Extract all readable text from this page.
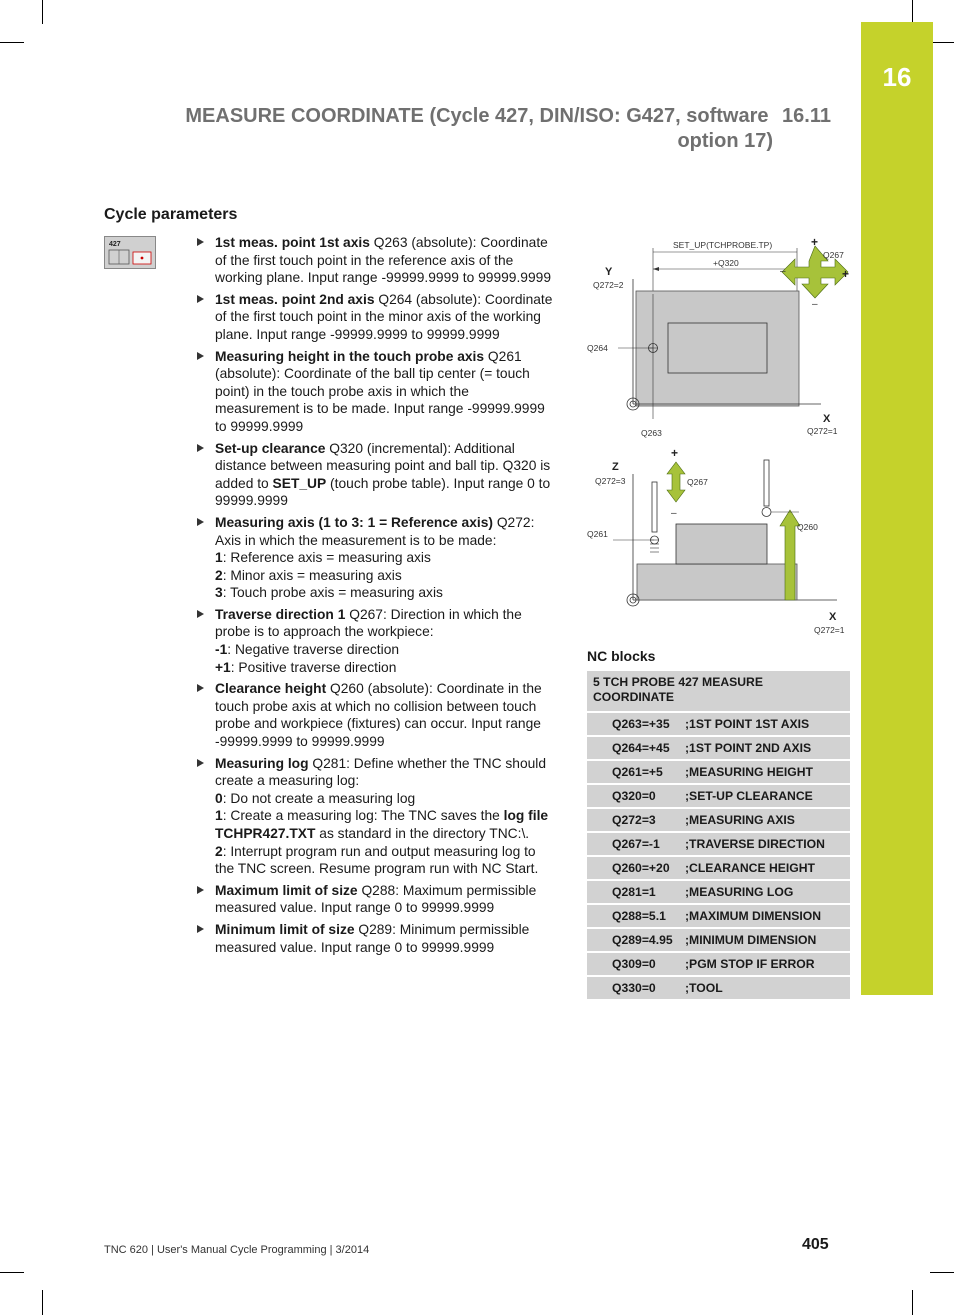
16
MEASURE COORDINATE (Cycle 427, DIN/ISO: G427, software 16.11
option 17)
Cycle parameters
427	1st meas. point 1st axis Q263 (absolute): Coordinate of the first touch point in the reference axis of the working plane. Input range -99999.9999 to 99999.9999
1st meas. point 2nd axis Q264 (absolute): Coordinate of the first touch point in the minor axis of the working plane. Input range -99999.9999 to 99999.9999
Measuring height in the touch probe axis Q261 (absolute): Coordinate of the ball tip center (= touch point) in the touch probe axis in which the measurement is to be made. Input range -99999.9999 to 99999.9999
Set-up clearance Q320 (incremental): Additional distance between measuring point and ball tip. Q320 is added to SET_UP (touch probe table). Input range 0 to 99999.9999
Measuring axis (1 to 3: 1 = Reference axis) Q272: Axis in which the measurement is to be made:
1: Reference axis = measuring axis
2: Minor axis = measuring axis
3: Touch probe axis = measuring axis
Traverse direction 1 Q267: Direction in which the probe is to approach the workpiece:
-1: Negative traverse direction
+1: Positive traverse direction
Clearance height Q260 (absolute): Coordinate in the touch probe axis at which no collision between touch probe and workpiece (fixtures) can occur. Input range -99999.9999 to 99999.9999
Measuring log Q281: Define whether the TNC should create a measuring log:
0: Do not create a measuring log
1: Create a measuring log: The TNC saves the log file TCHPR427.TXT as standard in the directory TNC:\.
2: Interrupt program run and output measuring log to the TNC screen. Resume program run with NC Start.
Maximum limit of size Q288: Maximum permissible measured value. Input range 0 to 99999.9999
Minimum limit of size Q289: Minimum permissible measured value. Input range 0 to 99999.9999
SET_UP(TCHPROBE.TP)
+Q320
Y
Q272=2
Q264
Q263
X
Q272=1
+
–	+
–
Q267
Z
Q272=3
X
Q272=1
Q261
+
–
Q267
Q260
NC blocks
5 TCH PROBE 427 MEASURE COORDINATE
Q263=+35 ;1ST POINT 1ST AXIS
Q264=+45 ;1ST POINT 2ND AXIS
Q261=+5 ;MEASURING HEIGHT
Q320=0 ;SET-UP CLEARANCE
Q272=3 ;MEASURING AXIS
Q267=-1 ;TRAVERSE DIRECTION
Q260=+20 ;CLEARANCE HEIGHT
Q281=1 ;MEASURING LOG
Q288=5.1 ;MAXIMUM DIMENSION
Q289=4.95 ;MINIMUM DIMENSION
Q309=0 ;PGM STOP IF ERROR
Q330=0 ;TOOL
TNC 620 | User's Manual Cycle Programming | 3/2014	405
